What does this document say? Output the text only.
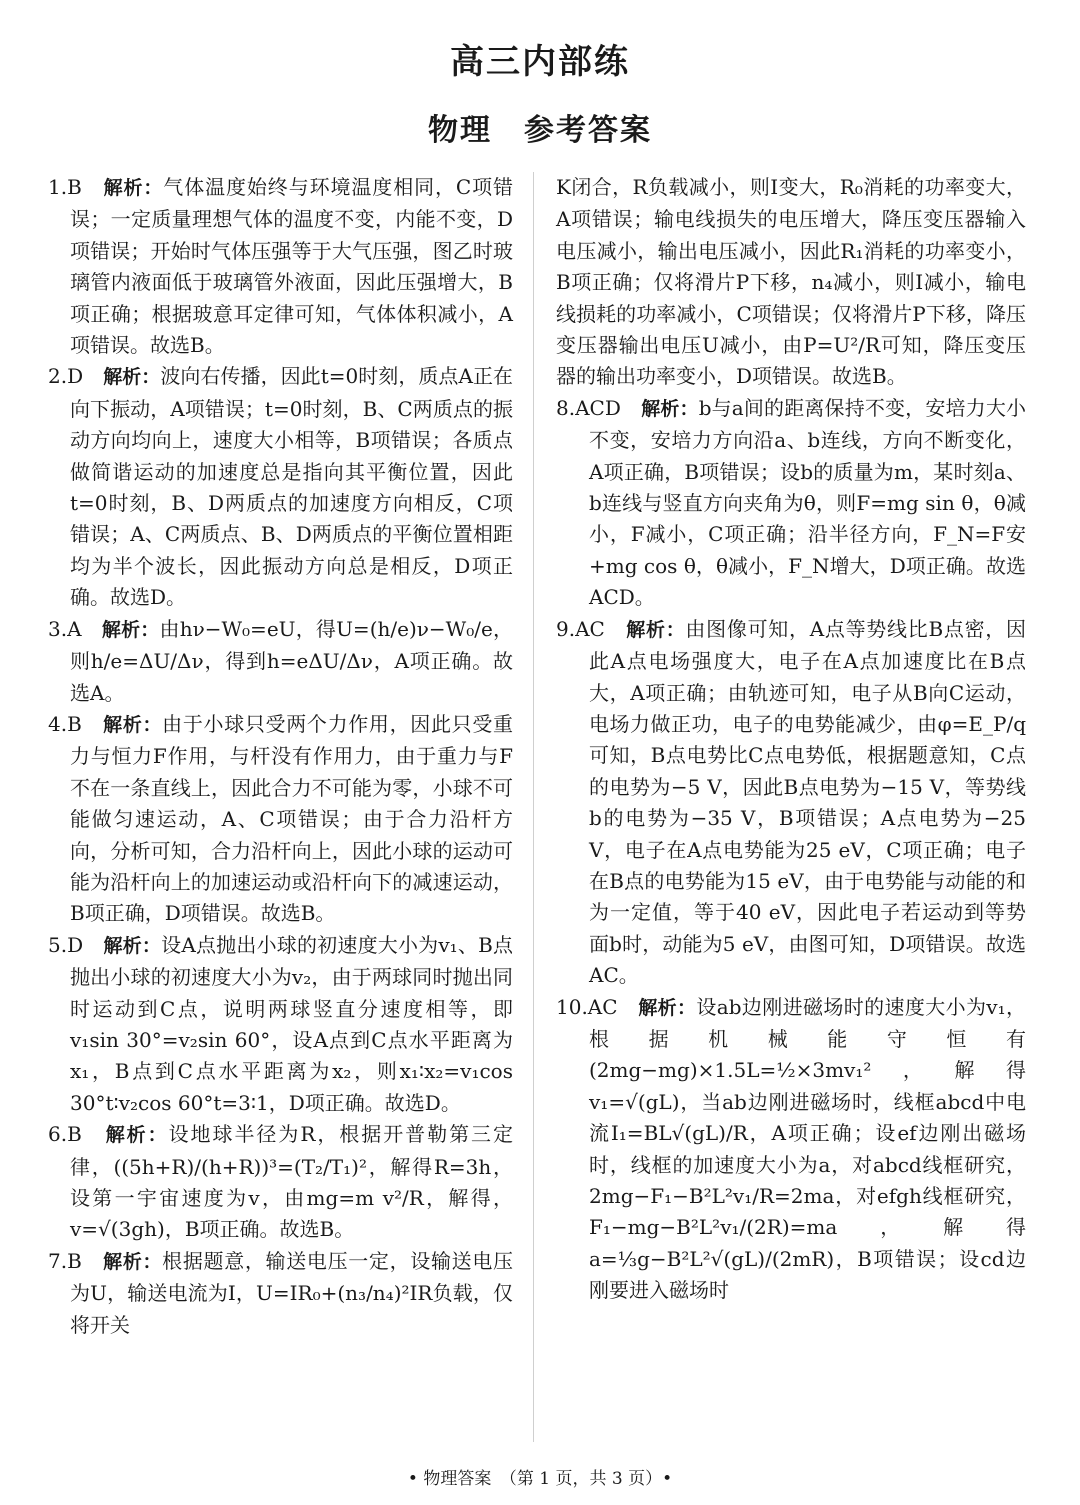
高三内部练
物理　参考答案

1.B　 解析：气体温度始终与环境温度相同，C项错误；一定质量理想气体的温度不变，内能不变，D项错误；开始时气体压强等于大气压强，图乙时玻璃管内液面低于玻璃管外液面，因此压强增大，B项正确；根据玻意耳定律可知，气体体积减小，A项错误。故选B。

2.D　 解析：波向右传播，因此t=0时刻，质点A正在向下振动，A项错误；t=0时刻，B、C两质点的振动方向均向上，速度大小相等，B项错误；各质点做简谐运动的加速度总是指向其平衡位置，因此t=0时刻，B、D两质点的加速度方向相反，C项错误；A、C两质点、B、D两质点的平衡位置相距均为半个波长，因此振动方向总是相反，D项正确。故选D。

3.A　 解析：由hν−W₀=eU，得U=(h/e)ν−W₀/e，则h/e=ΔU/Δν，得到h=eΔU/Δν，A项正确。故选A。

4.B　 解析：由于小球只受两个力作用，因此只受重力与恒力F作用，与杆没有作用力，由于重力与F不在一条直线上，因此合力不可能为零，小球不可能做匀速运动，A、C项错误；由于合力沿杆方向，分析可知，合力沿杆向上，因此小球的运动可能为沿杆向上的加速运动或沿杆向下的减速运动，B项正确，D项错误。故选B。

5.D　 解析：设A点抛出小球的初速度大小为v₁、B点抛出小球的初速度大小为v₂，由于两球同时抛出同时运动到C点，说明两球竖直分速度相等，即v₁sin 30°=v₂sin 60°，设A点到C点水平距离为x₁，B点到C点水平距离为x₂，则x₁∶x₂=v₁cos 30°t∶v₂cos 60°t=3∶1，D项正确。故选D。

6.B　 解析：设地球半径为R，根据开普勒第三定律，((5h+R)/(h+R))³=(T₂/T₁)²，解得R=3h，设第一宇宙速度为v，由mg=m v²/R，解得，v=√(3gh)，B项正确。故选B。

7.B　 解析：根据题意，输送电压一定，设输送电压为U，输送电流为I，U=IR₀+(n₃/n₄)²IR负载，仅将开关

K闭合，R负载减小，则I变大，R₀消耗的功率变大，A项错误；输电线损失的电压增大，降压变压器输入电压减小，输出电压减小，因此R₁消耗的功率变小，B项正确；仅将滑片P下移，n₄减小，则I减小，输电线损耗的功率减小，C项错误；仅将滑片P下移，降压变压器输出电压U减小，由P=U²/R可知，降压变压器的输出功率变小，D项错误。故选B。

8.ACD　 解析：b与a间的距离保持不变，安培力大小不变，安培力方向沿a、b连线，方向不断变化，A项正确，B项错误；设b的质量为m，某时刻a、b连线与竖直方向夹角为θ，则F=mg sin θ，θ减小，F减小，C项正确；沿半径方向，F_N=F安+mg cos θ，θ减小，F_N增大，D项正确。故选ACD。

9.AC　 解析：由图像可知，A点等势线比B点密，因此A点电场强度大，电子在A点加速度比在B点大，A项正确；由轨迹可知，电子从B向C运动，电场力做正功，电子的电势能减少，由φ=E_P/q可知，B点电势比C点电势低，根据题意知，C点的电势为−5 V，因此B点电势为−15 V，等势线b的电势为−35 V，B项错误；A点电势为−25 V，电子在A点电势能为25 eV，C项正确；电子在B点的电势能为15 eV，由于电势能与动能的和为一定值，等于40 eV，因此电子若运动到等势面b时，动能为5 eV，由图可知，D项错误。故选AC。

10.AC　 解析：设ab边刚进磁场时的速度大小为v₁，根据机械能守恒有(2mg−mg)×1.5L=½×3mv₁²，解得v₁=√(gL)，当ab边刚进磁场时，线框abcd中电流I₁=BL√(gL)/R，A项正确；设ef边刚出磁场时，线框的加速度大小为a，对abcd线框研究，2mg−F₁−B²L²v₁/R=2ma，对efgh线框研究，F₁−mg−B²L²v₁/(2R)=ma，解得a=⅓g−B²L²√(gL)/(2mR)，B项错误；设cd边刚要进入磁场时

• 物理答案　（第 1 页，共 3 页）•
